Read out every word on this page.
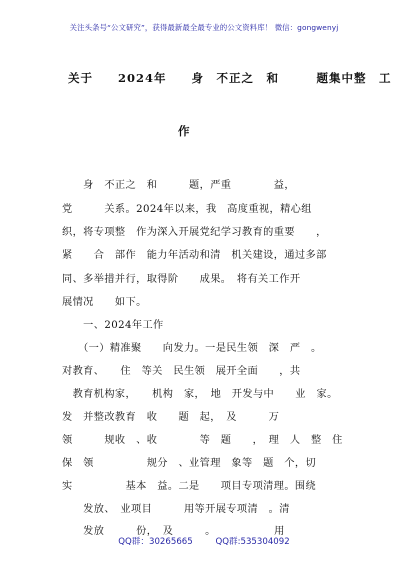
关注头条号“公文研究”，获得最新最全最专业的公文资料库！ 微信：gongwenyj
关于　　2024年　　身　不正之　和　　　题集中整　工
作
　　身　不正之　和　　　题，严重　　　　益，
党　　　关系。2024年以来，我　高度重视，精心组
织，将专项整　作为深入开展党纪学习教育的重要　　，
紧　　合　部作　能力年活动和清　机关建设，通过多部
同、多举措并行，取得阶　　成果。　将有关工作开
展情况　　如下。
　　一、2024年工作
　　（一）精准聚　　向发力。一是民生领　深　严　。
对教育、　　住　等关　民生领　展开全面　　，共
　教育机构家，　　机构　家，　地　开发与中　　业　家。
发　并整改教育　收　　题　起，　及　　　万
领　　　规收　、收　　　　等　题　　，　理　人　整　住
保　领　　　　　规分　、业管理　象等　题　个，切
实　　　　　基本　益。二是　　项目专项清理。围绕
　　发放、　业项目　　　用等开展专项清　。清
　　发放　　　份，　及　　　。　　　　　　用
QQ群：30265665	QQ群:535304092
